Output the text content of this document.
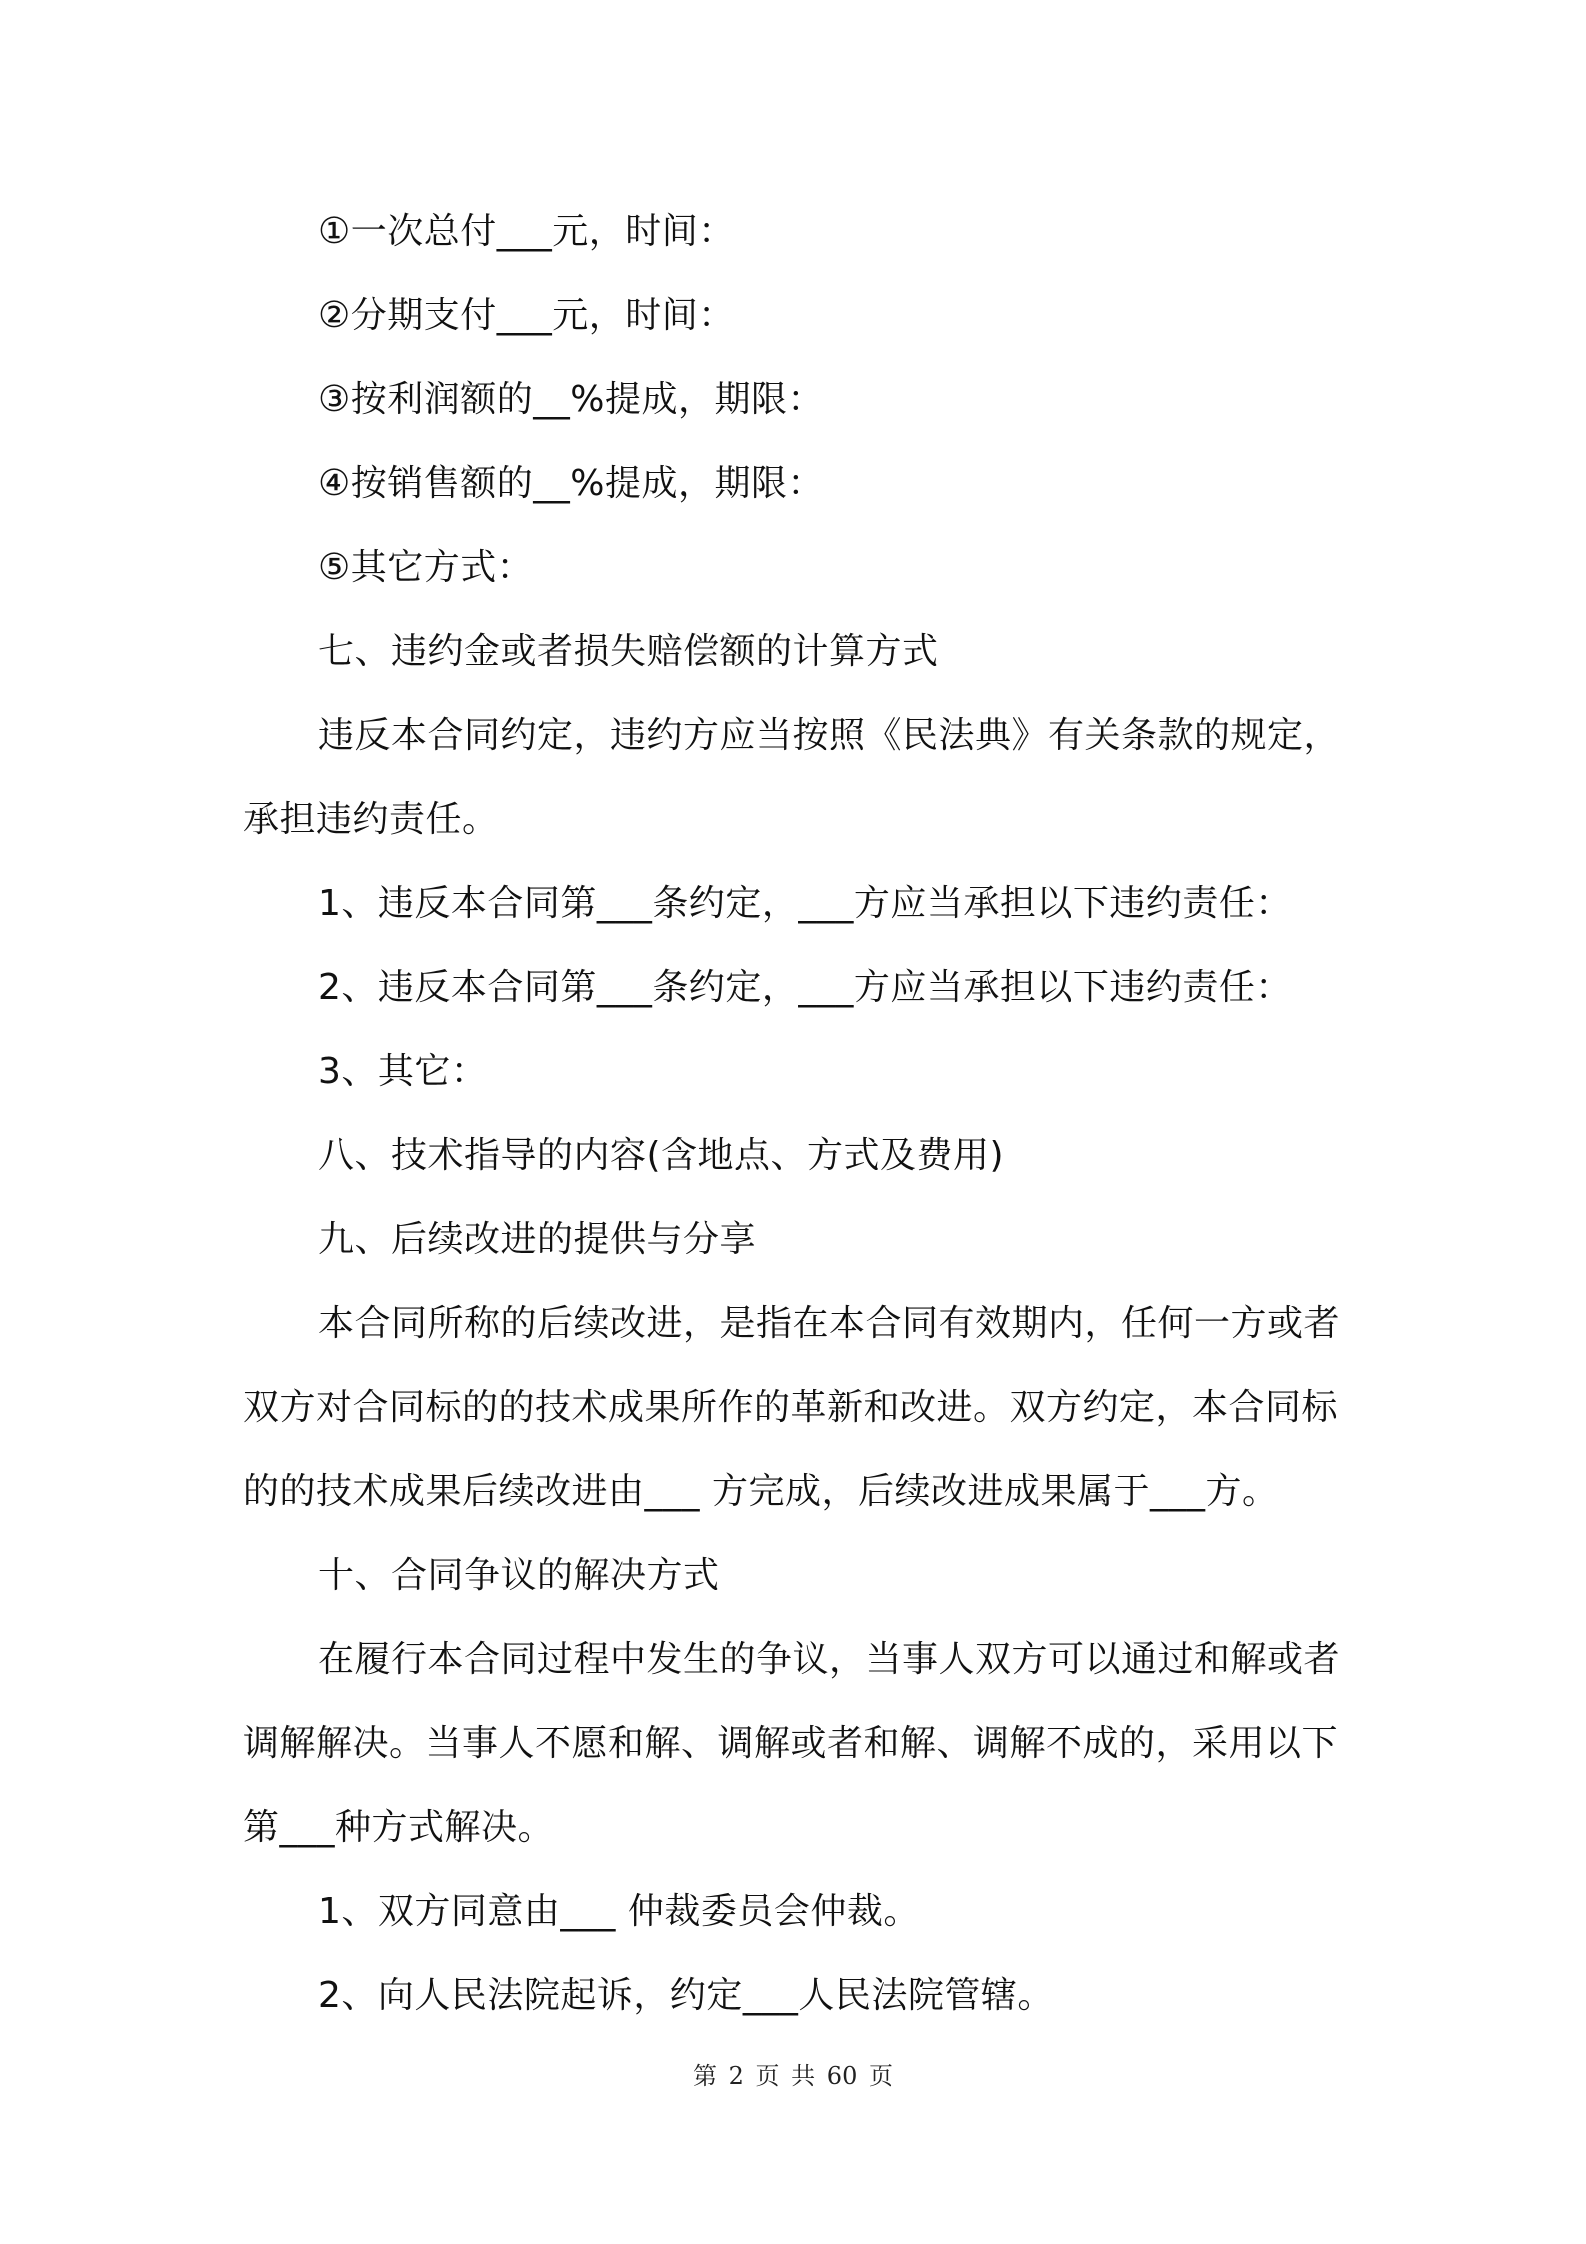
①一次总付___元，时间：
②分期支付___元，时间：
③按利润额的__%提成，期限：
④按销售额的__%提成，期限：
⑤其它方式：
七、违约金或者损失赔偿额的计算方式
违反本合同约定，违约方应当按照《民法典》有关条款的规定，
承担违约责任。
1、违反本合同第___条约定，___方应当承担以下违约责任：
2、违反本合同第___条约定，___方应当承担以下违约责任：
3、其它：
八、技术指导的内容(含地点、方式及费用)
九、后续改进的提供与分享
本合同所称的后续改进，是指在本合同有效期内，任何一方或者
双方对合同标的的技术成果所作的革新和改进。双方约定，本合同标
的的技术成果后续改进由___ 方完成，后续改进成果属于___方。
十、合同争议的解决方式
在履行本合同过程中发生的争议，当事人双方可以通过和解或者
调解解决。当事人不愿和解、调解或者和解、调解不成的，采用以下
第___种方式解决。
1、双方同意由___ 仲裁委员会仲裁。
2、向人民法院起诉，约定___人民法院管辖。
第 2 页 共 60 页
